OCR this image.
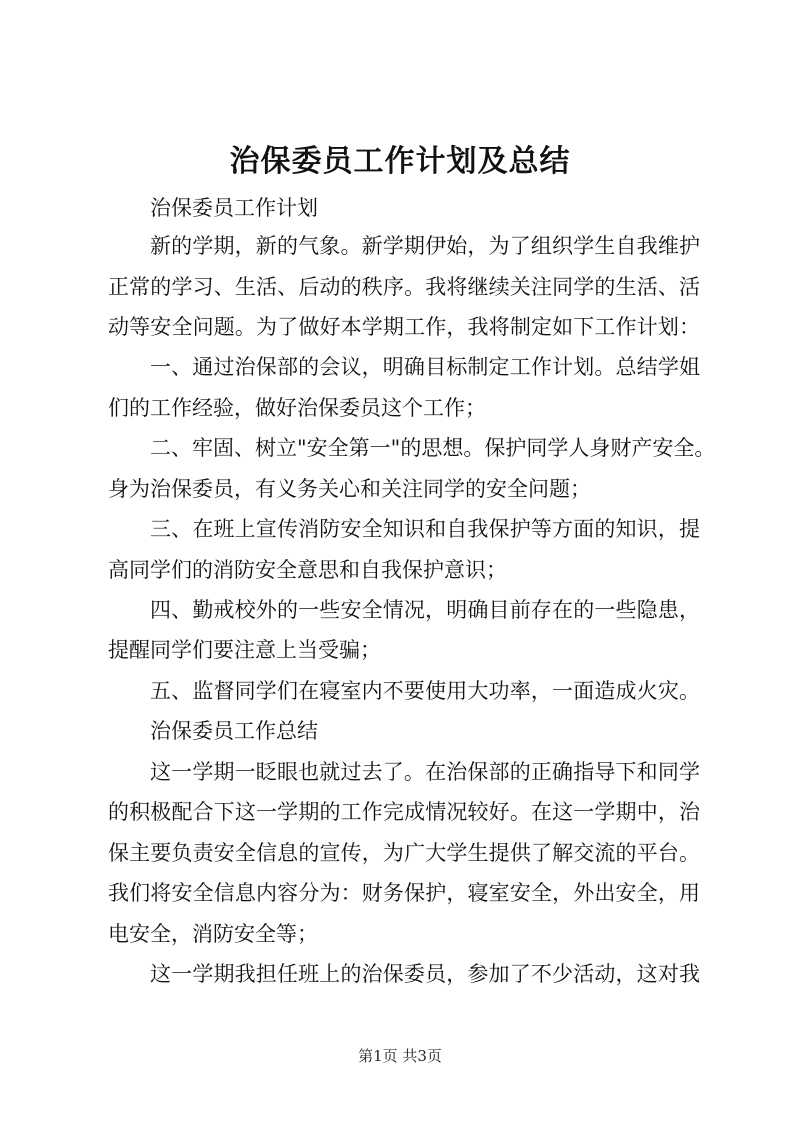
治保委员工作计划及总结
治保委员工作计划
新的学期，新的气象。新学期伊始，为了组织学生自我维护
正常的学习、生活、后动的秩序。我将继续关注同学的生活、活
动等安全问题。为了做好本学期工作，我将制定如下工作计划：
一、通过治保部的会议，明确目标制定工作计划。总结学姐
们的工作经验，做好治保委员这个工作；
二、牢固、树立"安全第一"的思想。保护同学人身财产安全。
身为治保委员，有义务关心和关注同学的安全问题；
三、在班上宣传消防安全知识和自我保护等方面的知识，提
高同学们的消防安全意思和自我保护意识；
四、勤戒校外的一些安全情况，明确目前存在的一些隐患，
提醒同学们要注意上当受骗；
五、监督同学们在寝室内不要使用大功率，一面造成火灾。
治保委员工作总结
这一学期一眨眼也就过去了。在治保部的正确指导下和同学
的积极配合下这一学期的工作完成情况较好。在这一学期中，治
保主要负责安全信息的宣传，为广大学生提供了解交流的平台。
我们将安全信息内容分为：财务保护，寝室安全，外出安全，用
电安全，消防安全等；
这一学期我担任班上的治保委员，参加了不少活动，这对我
第1页 共3页
